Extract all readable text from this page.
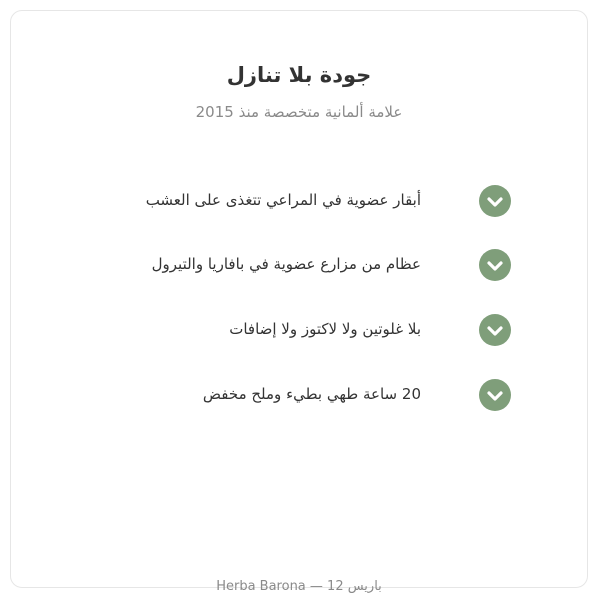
جودة بلا تنازل
علامة ألمانية متخصصة منذ 2015
أبقار عضوية في المراعي تتغذى على العشب
عظام من مزارع عضوية في بافاريا والتيرول
بلا غلوتين ولا لاكتوز ولا إضافات
20 ساعة طهي بطيء وملح مخفض
باريس 12 — Herba Barona
